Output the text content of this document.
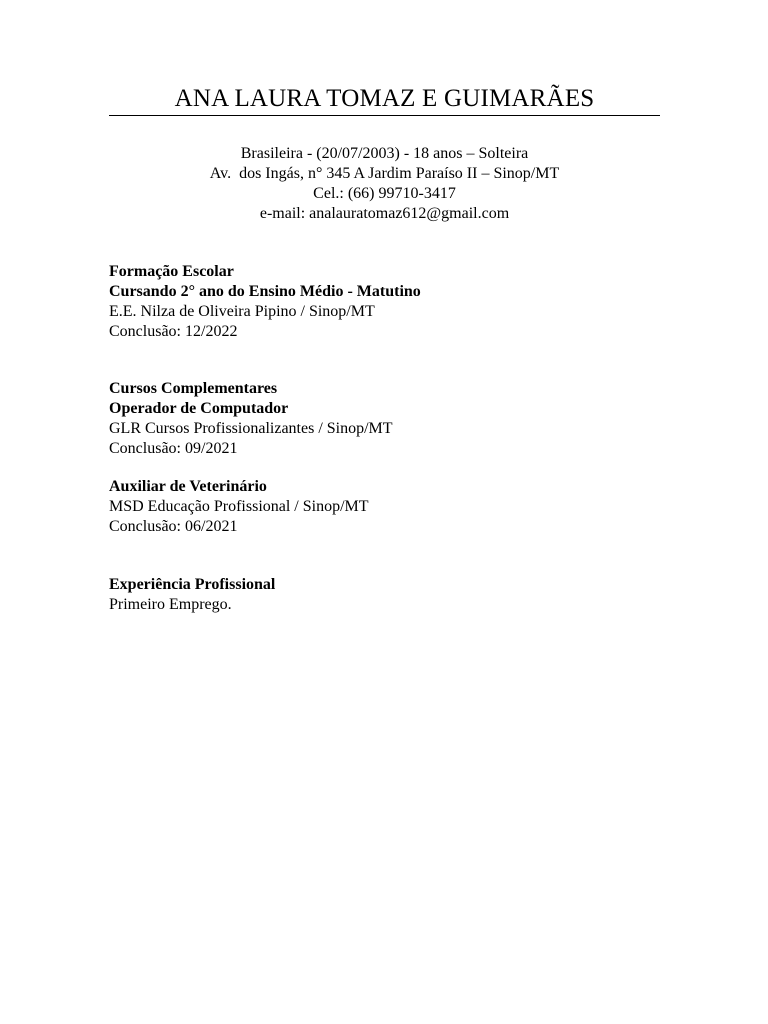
ANA LAURA TOMAZ E GUIMARÃES
Brasileira - (20/07/2003) - 18 anos – Solteira
Av.  dos Ingás, n° 345 A Jardim Paraíso II – Sinop/MT
Cel.: (66) 99710-3417
e-mail: analauratomaz612@gmail.com
Formação Escolar
Cursando 2° ano do Ensino Médio - Matutino
E.E. Nilza de Oliveira Pipino / Sinop/MT
Conclusão: 12/2022
Cursos Complementares
Operador de Computador
GLR Cursos Profissionalizantes / Sinop/MT
Conclusão: 09/2021
Auxiliar de Veterinário
MSD Educação Profissional / Sinop/MT
Conclusão: 06/2021
Experiência Profissional
Primeiro Emprego.
